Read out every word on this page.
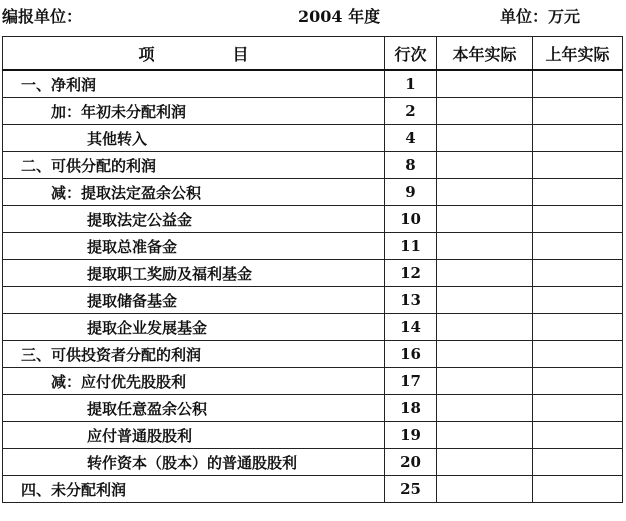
编报单位：	2004 年度	单位：万元
项 目	行次	本年实际	上年实际
一、净利润	1		
加：年初未分配利润	2		
其他转入	4		
二、可供分配的利润	8		
减：提取法定盈余公积	9		
提取法定公益金	10		
提取总准备金	11		
提取职工奖励及福利基金	12		
提取储备基金	13		
提取企业发展基金	14		
三、可供投资者分配的利润	16		
减：应付优先股股利	17		
提取任意盈余公积	18		
应付普通股股利	19		
转作资本（股本）的普通股股利	20		
四、未分配利润	25		
